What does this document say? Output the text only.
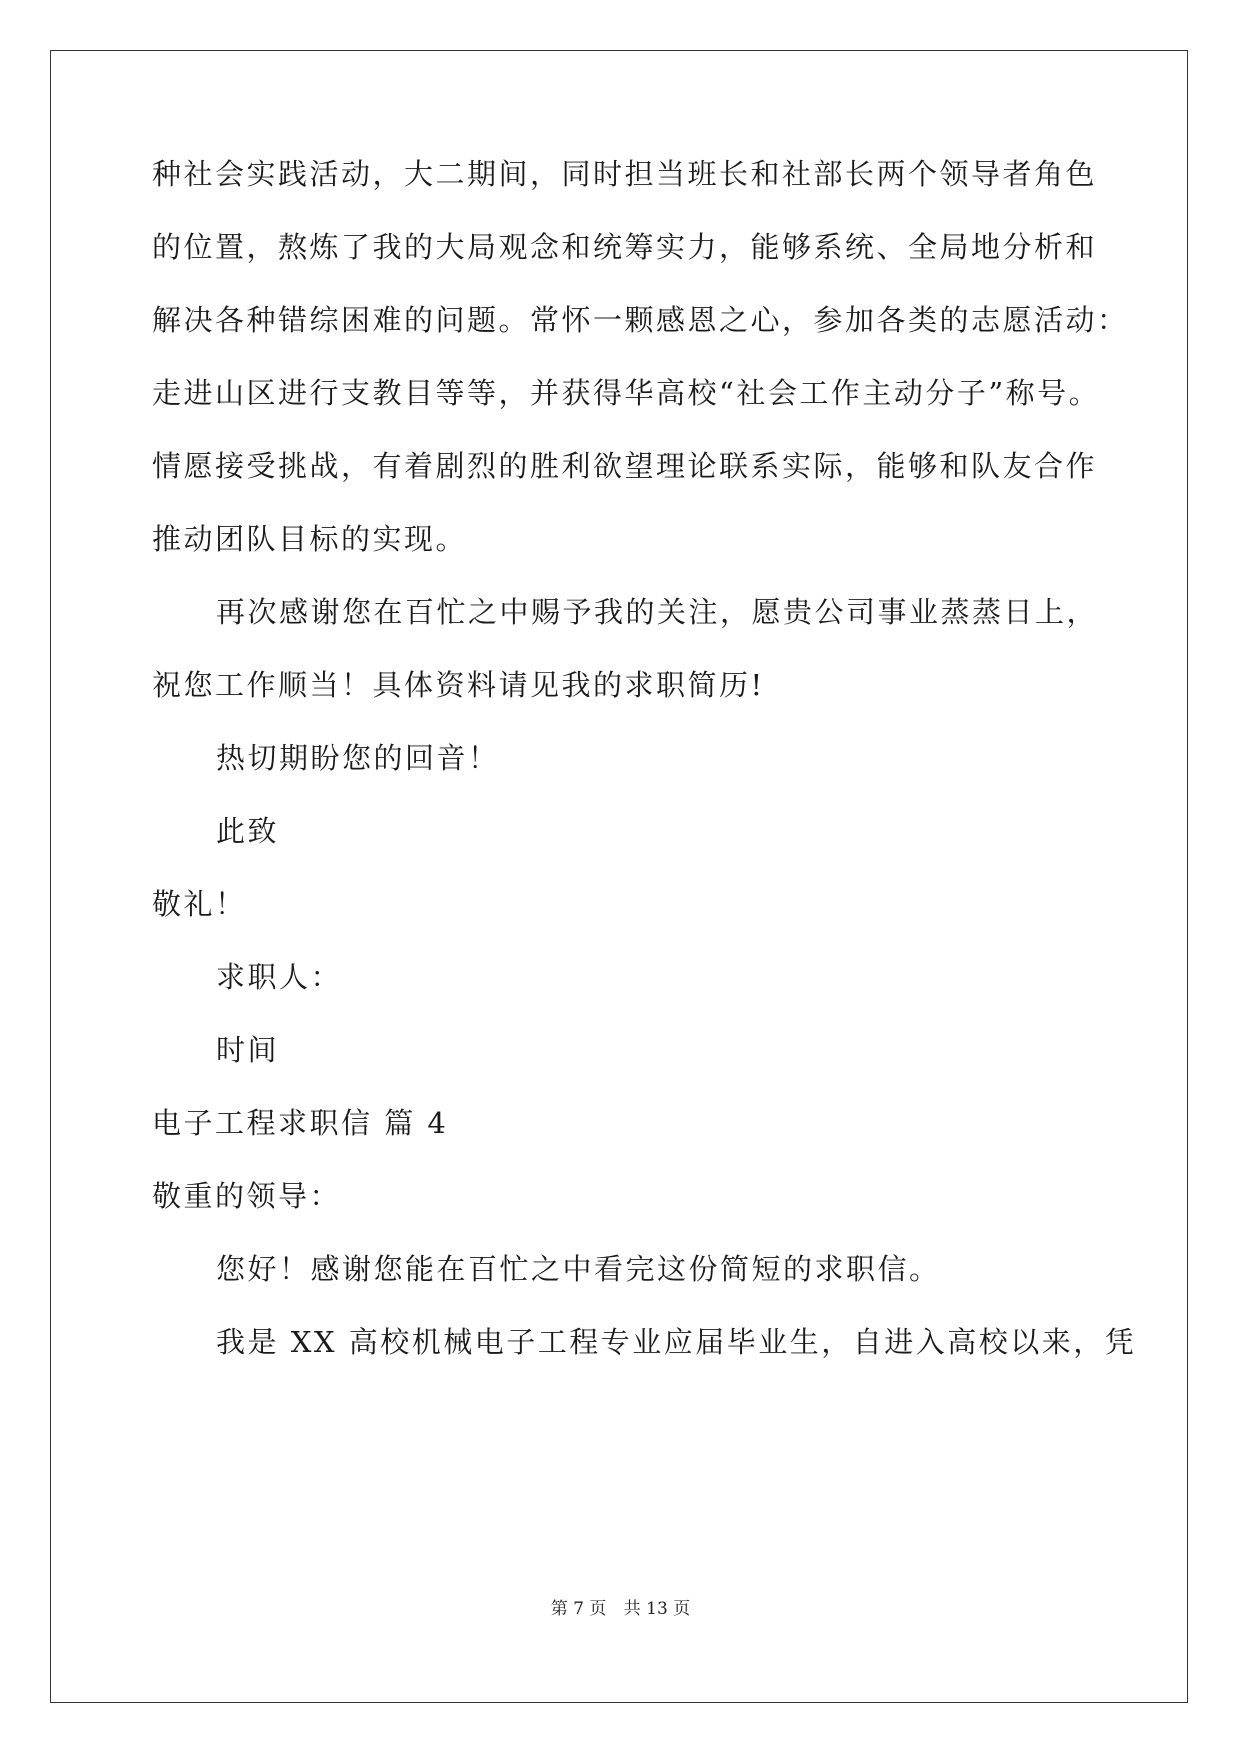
种社会实践活动，大二期间，同时担当班长和社部长两个领导者角色
的位置，熬炼了我的大局观念和统筹实力，能够系统、全局地分析和
解决各种错综困难的问题。常怀一颗感恩之心，参加各类的志愿活动：
走进山区进行支教目等等，并获得华高校“社会工作主动分子”称号。
情愿接受挑战，有着剧烈的胜利欲望理论联系实际，能够和队友合作
推动团队目标的实现。
再次感谢您在百忙之中赐予我的关注，愿贵公司事业蒸蒸日上，
祝您工作顺当！具体资料请见我的求职简历!
热切期盼您的回音！
此致
敬礼！
求职人：
时间
电子工程求职信 篇 4
敬重的领导：
您好！感谢您能在百忙之中看完这份简短的求职信。
我是 XX 高校机械电子工程专业应届毕业生，自进入高校以来，凭
第 7 页 共 13 页
